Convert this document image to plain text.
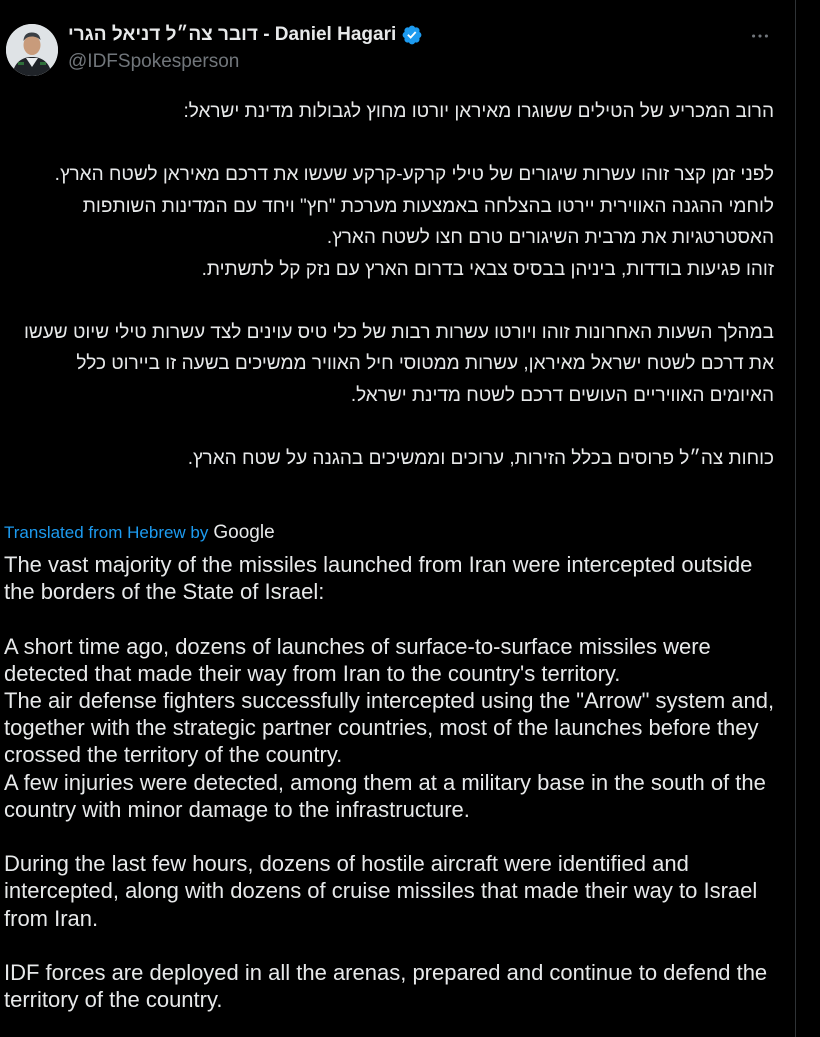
דובר צה״ל דניאל הגרי - Daniel Hagari
@IDFSpokesperson

הרוב המכריע של הטילים ששוגרו מאיראן יורטו מחוץ לגבולות מדינת ישראל:

לפני זמן קצר זוהו עשרות שיגורים של טילי קרקע-קרקע שעשו את דרכם מאיראן לשטח הארץ.

לוחמי ההגנה האווירית יירטו בהצלחה באמצעות מערכת "חץ" ויחד עם המדינות השותפות האסטרטגיות את מרבית השיגורים טרם חצו לשטח הארץ.

זוהו פגיעות בודדות, ביניהן בבסיס צבאי בדרום הארץ עם נזק קל לתשתית.

במהלך השעות האחרונות זוהו ויורטו עשרות רבות של כלי טיס עוינים לצד עשרות טילי שיוט שעשו את דרכם לשטח ישראל מאיראן, עשרות ממטוסי חיל האוויר ממשיכים בשעה זו ביירוט כלל האיומים האוויריים העושים דרכם לשטח מדינת ישראל.

כוחות צה״ל פרוסים בכלל הזירות, ערוכים וממשיכים בהגנה על שטח הארץ.

Translated from Hebrew by Google

The vast majority of the missiles launched from Iran were intercepted outside the borders of the State of Israel:

A short time ago, dozens of launches of surface-to-surface missiles were detected that made their way from Iran to the country's territory.

The air defense fighters successfully intercepted using the "Arrow" system and, together with the strategic partner countries, most of the launches before they crossed the territory of the country.

A few injuries were detected, among them at a military base in the south of the country with minor damage to the infrastructure.

During the last few hours, dozens of hostile aircraft were identified and intercepted, along with dozens of cruise missiles that made their way to Israel from Iran.

IDF forces are deployed in all the arenas, prepared and continue to defend the territory of the country.
